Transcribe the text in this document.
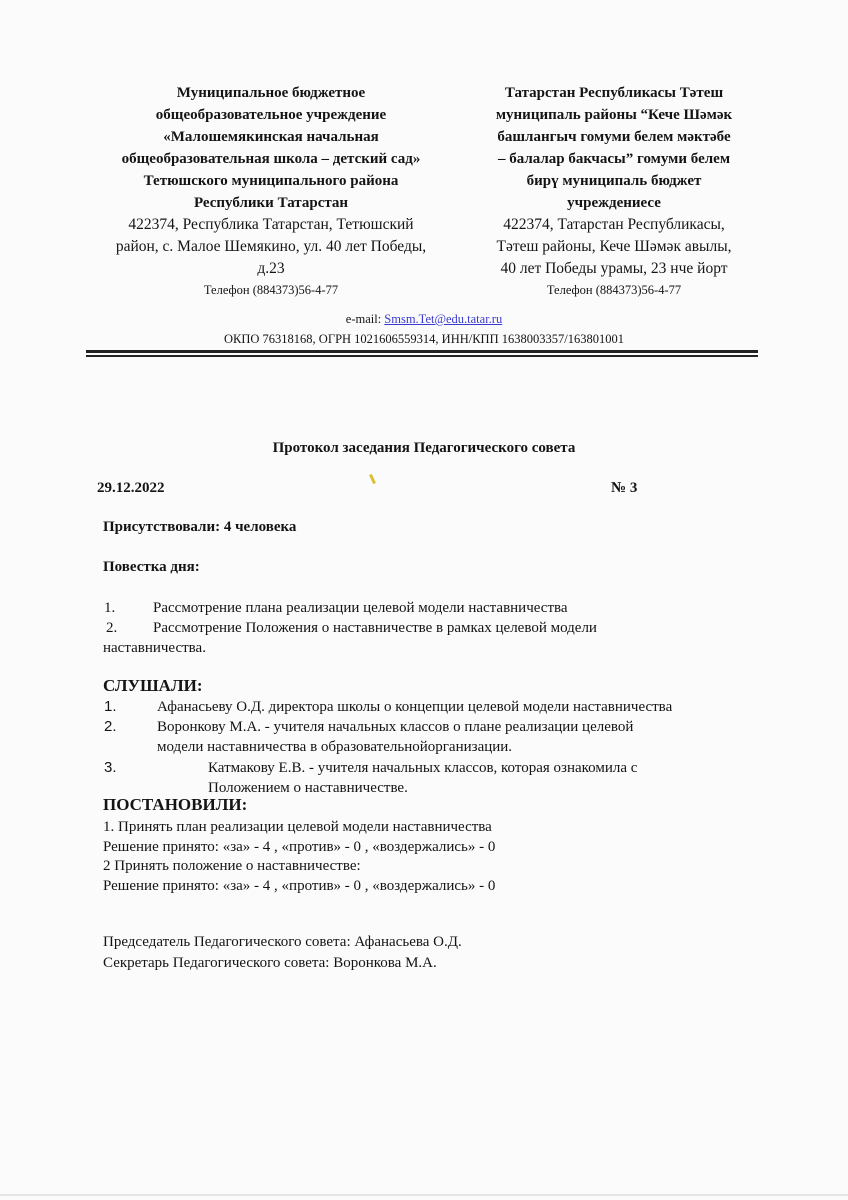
Муниципальное бюджетное
общеобразовательное учреждение
«Малошемякинская начальная
общеобразовательная школа – детский сад»
Тетюшского муниципального района
Республики Татарстан
422374, Республика Татарстан, Тетюшский
район, с. Малое Шемякино, ул. 40 лет Победы,
д.23
Телефон (884373)56-4-77
Татарстан Республикасы Тәтеш
муниципаль районы “Кече Шәмәк
башлангыч гомуми белем мәктәбе
– балалар бакчасы” гомуми белем
бирү муниципаль бюджет
учреждениесе
422374, Татарстан Республикасы,
Тәтеш районы, Кече Шәмәк авылы,
40 лет Победы урамы, 23 нче йорт
Телефон (884373)56-4-77
e-mail: Smsm.Tet@edu.tatar.ru
ОКПО 76318168, ОГРН 1021606559314, ИНН/КПП 1638003357/163801001
Протокол заседания Педагогического совета
29.12.2022	№ 3
Присутствовали: 4 человека
Повестка дня:
1.	Рассмотрение плана реализации целевой модели наставничества
2. Рассмотрение Положения о наставничестве в рамках целевой модели
наставничества.
СЛУШАЛИ:
1.	Афанасьеву О.Д. директора школы о концепции целевой модели наставничества
2.	Воронкову М.А. - учителя начальных классов о плане реализации целевой
модели наставничества в образовательнойорганизации.
3.	Катмакову Е.В. - учителя начальных классов, которая ознакомила с
Положением о наставничестве.
ПОСТАНОВИЛИ:
1. Принять план реализации целевой модели наставничества
Решение принято: «за» - 4 , «против» - 0 , «воздержались» - 0
2 Принять положение о наставничестве:
Решение принято: «за» - 4 , «против» - 0 , «воздержались» - 0
Председатель Педагогического совета: Афанасьева О.Д.
Секретарь Педагогического совета: Воронкова М.А.
